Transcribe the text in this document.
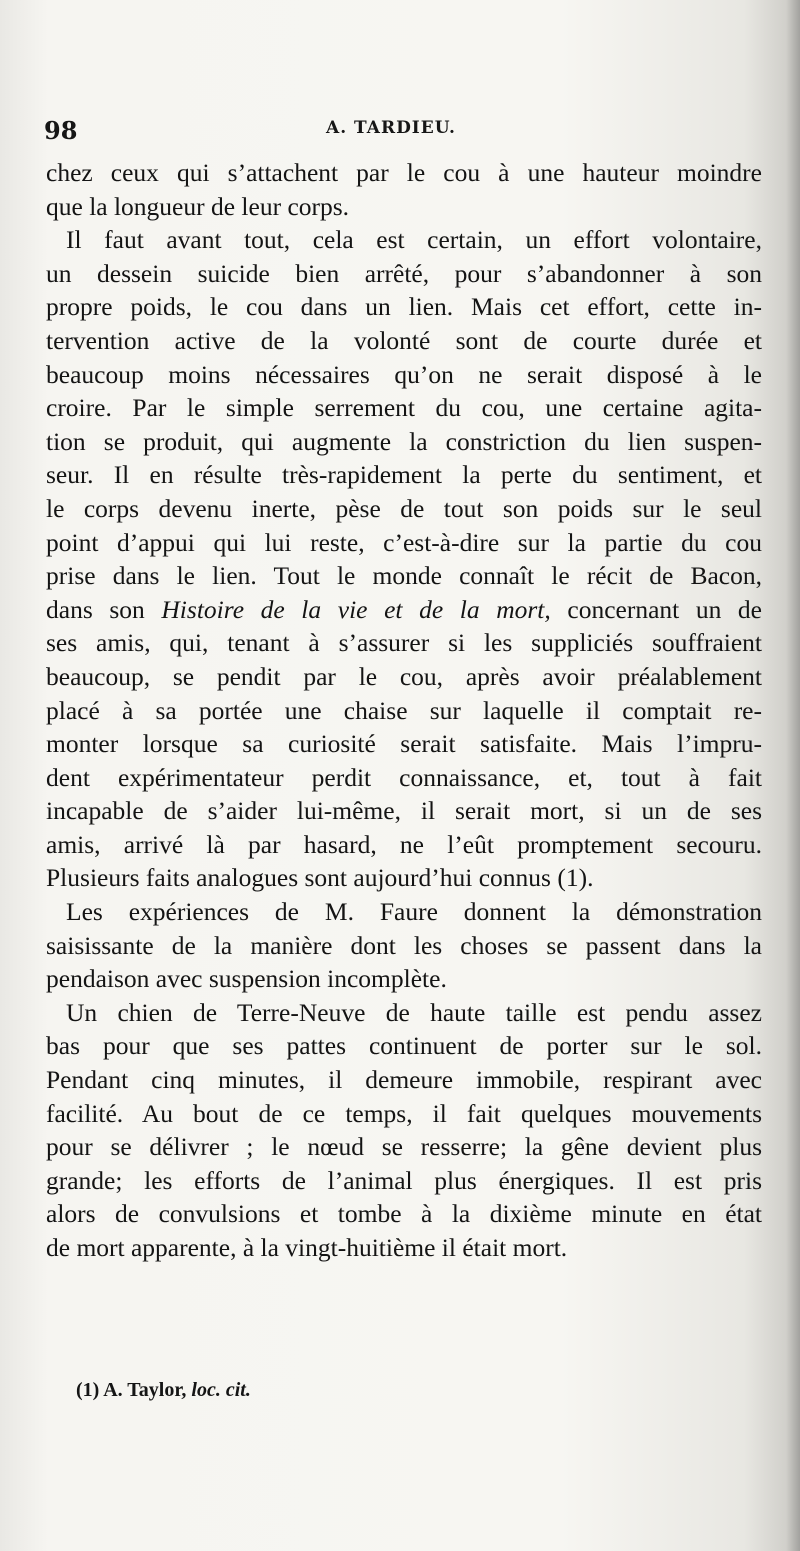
98	A. TARDIEU.
chez ceux qui s’attachent par le cou à une hauteur moindre
que la longueur de leur corps.
Il faut avant tout, cela est certain, un effort volontaire,
un dessein suicide bien arrêté, pour s’abandonner à son
propre poids, le cou dans un lien. Mais cet effort, cette in-
tervention active de la volonté sont de courte durée et
beaucoup moins nécessaires qu’on ne serait disposé à le
croire. Par le simple serrement du cou, une certaine agita-
tion se produit, qui augmente la constriction du lien suspen-
seur. Il en résulte très-rapidement la perte du sentiment, et
le corps devenu inerte, pèse de tout son poids sur le seul
point d’appui qui lui reste, c’est-à-dire sur la partie du cou
prise dans le lien. Tout le monde connaît le récit de Bacon,
dans son Histoire de la vie et de la mort, concernant un de
ses amis, qui, tenant à s’assurer si les suppliciés souffraient
beaucoup, se pendit par le cou, après avoir préalablement
placé à sa portée une chaise sur laquelle il comptait re-
monter lorsque sa curiosité serait satisfaite. Mais l’impru-
dent expérimentateur perdit connaissance, et, tout à fait
incapable de s’aider lui-même, il serait mort, si un de ses
amis, arrivé là par hasard, ne l’eût promptement secouru.
Plusieurs faits analogues sont aujourd’hui connus (1).
Les expériences de M. Faure donnent la démonstration
saisissante de la manière dont les choses se passent dans la
pendaison avec suspension incomplète.
Un chien de Terre-Neuve de haute taille est pendu assez
bas pour que ses pattes continuent de porter sur le sol.
Pendant cinq minutes, il demeure immobile, respirant avec
facilité. Au bout de ce temps, il fait quelques mouvements
pour se délivrer ; le nœud se resserre; la gêne devient plus
grande; les efforts de l’animal plus énergiques. Il est pris
alors de convulsions et tombe à la dixième minute en état
de mort apparente, à la vingt-huitième il était mort.
(1) A. Taylor, loc. cit.
